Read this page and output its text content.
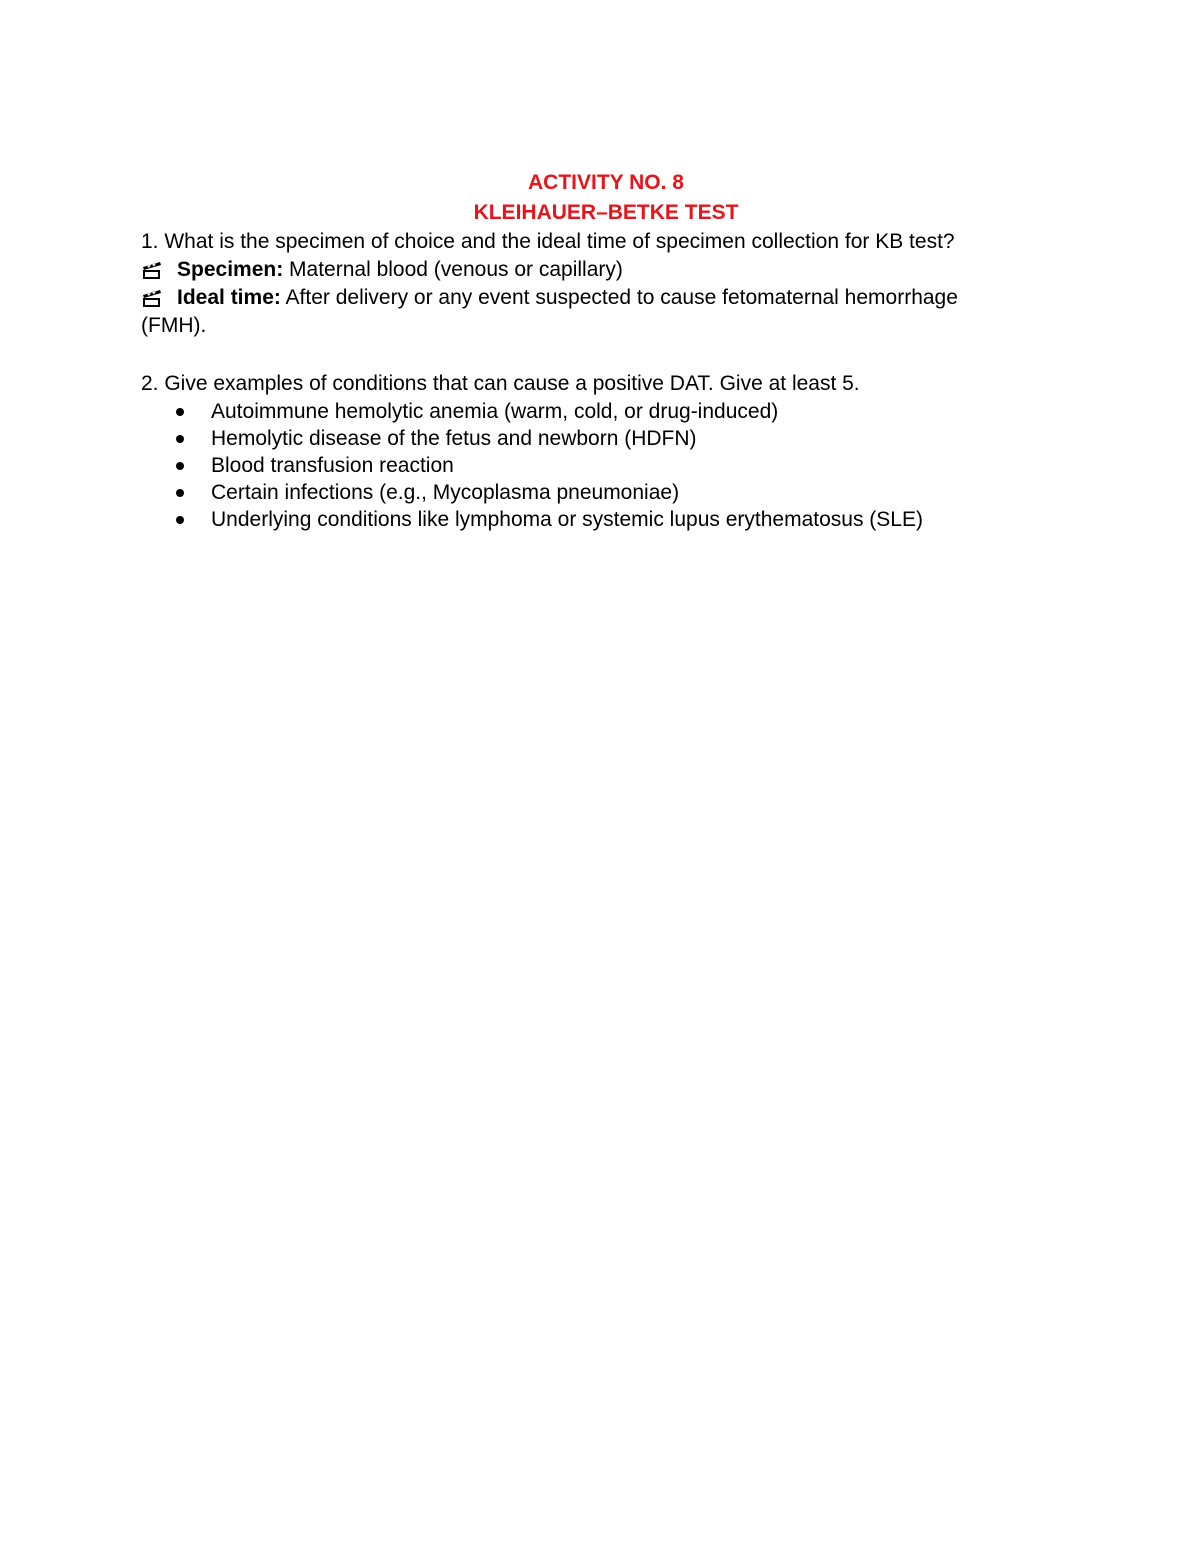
ACTIVITY NO. 8

KLEIHAUER–BETKE TEST

1. What is the specimen of choice and the ideal time of specimen collection for KB test?

Specimen: Maternal blood (venous or capillary)
Ideal time: After delivery or any event suspected to cause fetomaternal hemorrhage

(FMH).

2. Give examples of conditions that can cause a positive DAT. Give at least 5.

Autoimmune hemolytic anemia (warm, cold, or drug-induced)
Hemolytic disease of the fetus and newborn (HDFN)
Blood transfusion reaction
Certain infections (e.g., Mycoplasma pneumoniae)
Underlying conditions like lymphoma or systemic lupus erythematosus (SLE)
